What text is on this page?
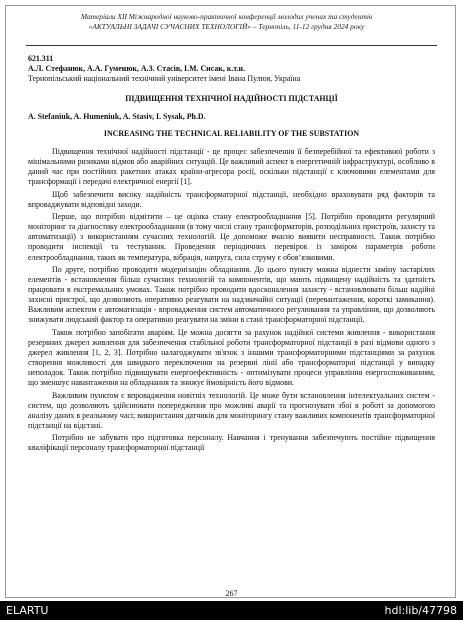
Матеріали XIІ Міжнародної науково-практичної конференції молодих учених та студентів
«АКТУАЛЬНІ ЗАДАЧІ СУЧАСНИХ ТЕХНОЛОГІЙ» – Тернопіль, 11-12 грудня 2024 року
621.311
А.Л. Стефанюк, А.А. Гуменюк, А.З. Стасів, І.М. Сисак, к.т.н.
Тернопільський національний технічний університет імені Івана Пулюя, Україна
ПІДВИЩЕННЯ ТЕХНІЧНОЇ НАДІЙНОСТІ ПІДСТАНЦІЇ
A. Stefaniuk, A. Humeniuk, A. Stasiv, I. Sysak, Ph.D.
INCREASING THE TECHNICAL RELIABILITY OF THE SUBSTATION

Підвищення технічної надійності підстанції - це процес забезпечення її безперебійної та ефективної роботи з мінімальними ризиками відмов або аварійних ситуацій. Це важливий аспект в енергетичній інфраструктурі, особливо в даний час при постійних ракетних атаках країни-агресора росії, оскільки підстанції є ключовими елементами для трансформації і передачі електричної енергії [1].

Щоб забезпечити високу надійність трансформаторної підстанції, необхідно враховувати ряд факторів та впроваджувати відповідні заходи.

Перше, що потрібно відмітити – це оцінка стану електрообладнання [5]. Потрібно проводити регулярний моніторинг та діагностику електрообладнання (в тому числі стану трансформаторів, розподільних пристроїв, захисту та автоматизації) з використанням сучасних технологій. Це допоможе вчасно виявити несправності. Також потрібно проводити інспекції та тестування. Проведення періодичних перевірок із заміром параметрів роботи електрообладнання, таких як температура, вібрація, напруга, сила струму є обов’язковими.

По друге, потрібно проводити модернізацію обладнання. До цього пункту можна віднести заміну застарілих елементів - встановлення більш сучасних технологій та компонентів, що мають підвищену надійність та здатність працювати в екстремальних умовах. Також потрібно проводити вдосконалення захисту - встановлювати більш надійні захисні пристрої, що дозволяють оперативно реагувати на надзвичайні ситуації (перевантаження, короткі замикання). Важливим аспектом є автоматизація - впровадження систем автоматичного регулювання та управління, що дозволяють знижувати людський фактор та оперативно реагувати на зміни в стані трансформаторної підстанції.

Також потрібно запобігати аваріям. Це можна досягти за рахунок надійної системи живлення - використання резервних джерел живлення для забезпечення стабільної роботи трансформаторної підстанції в разі відмови одного з джерел живлення [1, 2, 3]. Потрібно налагоджувати зв'язок з іншими трансформаторними підстанціями за рахунок створення можливості для швидкого переключення на резервні лінії або трансформаторні підстанції у випадку неполадок. Також потрібно підвищувати енергоефективність - оптимізувати процеси управління енергоспоживанням, що зменшує навантаження на обладнання та знижує ймовірність його відмови.

Важливим пунктом є впровадження новітніх технологій. Це може бути встановлення інтелектуальних систем - систем, що дозволяють здійснювати попередження про можливі аварії та прогнозувати збої в роботі за допомогою аналізу даних в реальному часі; використання датчиків для моніторингу стану важливих компонентів трансформаторної підстанції на відстані.

Потрібно не забувати про підготовка персоналу. Навчання і тренування забезпечують постійне підвищення кваліфікації персоналу трансформаторної підстанції

267
ELARTU	hdl:lib/47798
